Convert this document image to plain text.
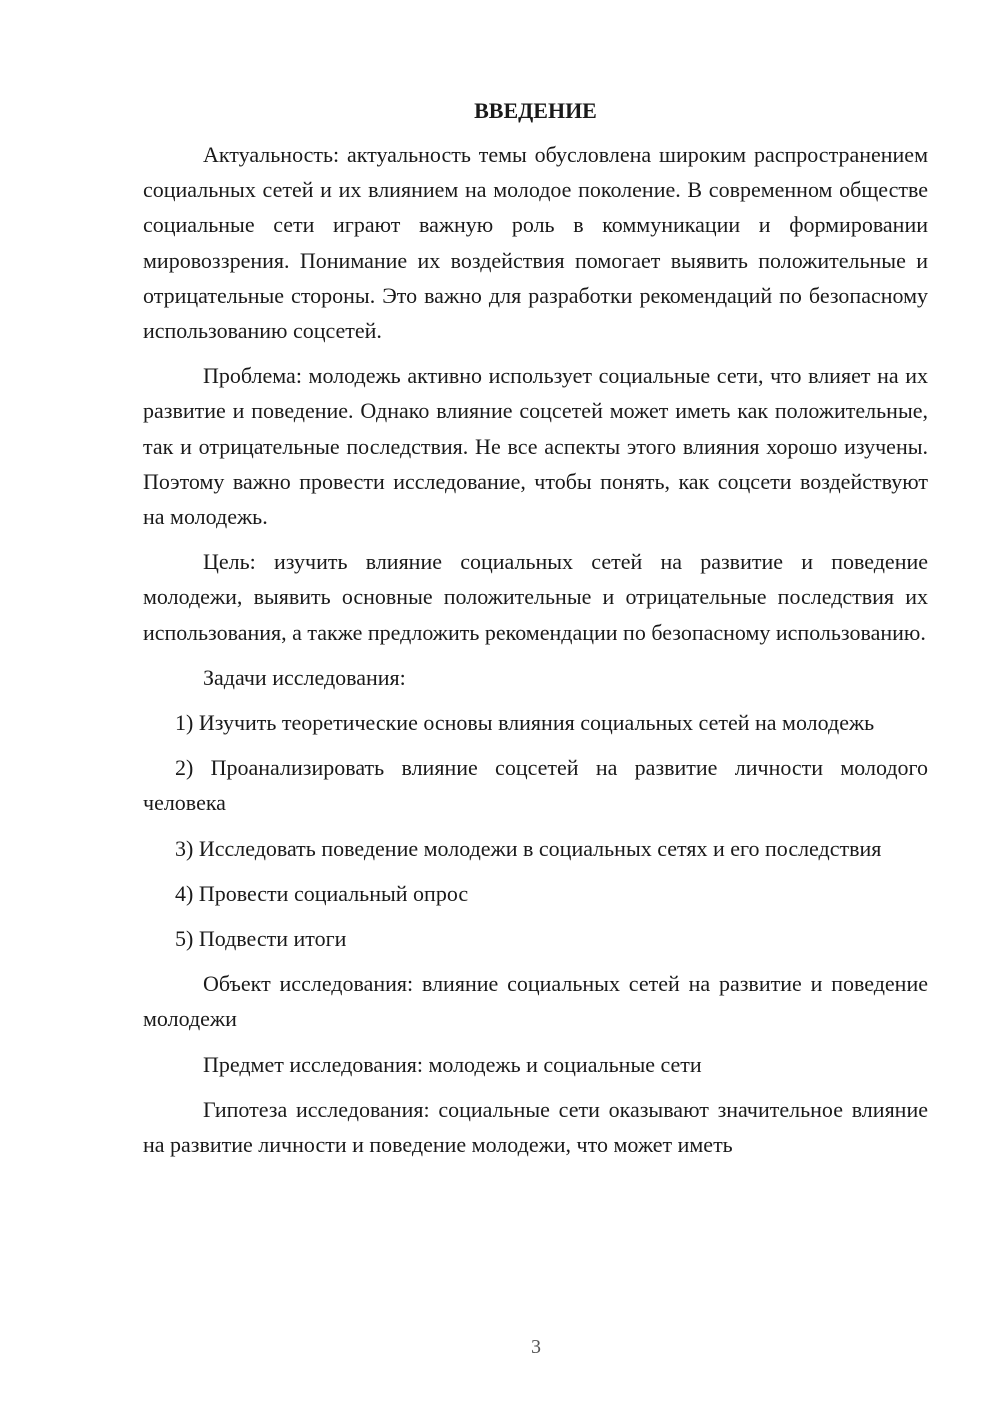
ВВЕДЕНИЕ

Актуальность: актуальность темы обусловлена широким распространением социальных сетей и их влиянием на молодое поколение. В современном обществе социальные сети играют важную роль в коммуникации и формировании мировоззрения. Понимание их воздействия помогает выявить положительные и отрицательные стороны. Это важно для разработки рекомендаций по безопасному использованию соцсетей.

Проблема: молодежь активно использует социальные сети, что влияет на их развитие и поведение. Однако влияние соцсетей может иметь как положительные, так и отрицательные последствия. Не все аспекты этого влияния хорошо изучены. Поэтому важно провести исследование, чтобы понять, как соцсети воздействуют на молодежь.

Цель: изучить влияние социальных сетей на развитие и поведение молодежи, выявить основные положительные и отрицательные последствия их использования, а также предложить рекомендации по безопасному использованию.

Задачи исследования:

1) Изучить теоретические основы влияния социальных сетей на молодежь

2) Проанализировать влияние соцсетей на развитие личности молодого человека

3) Исследовать поведение молодежи в социальных сетях и его последствия

4) Провести социальный опрос

5) Подвести итоги

Объект исследования: влияние социальных сетей на развитие и поведение молодежи

Предмет исследования: молодежь и социальные сети

Гипотеза исследования: социальные сети оказывают значительное влияние на развитие личности и поведение молодежи, что может иметь

3
